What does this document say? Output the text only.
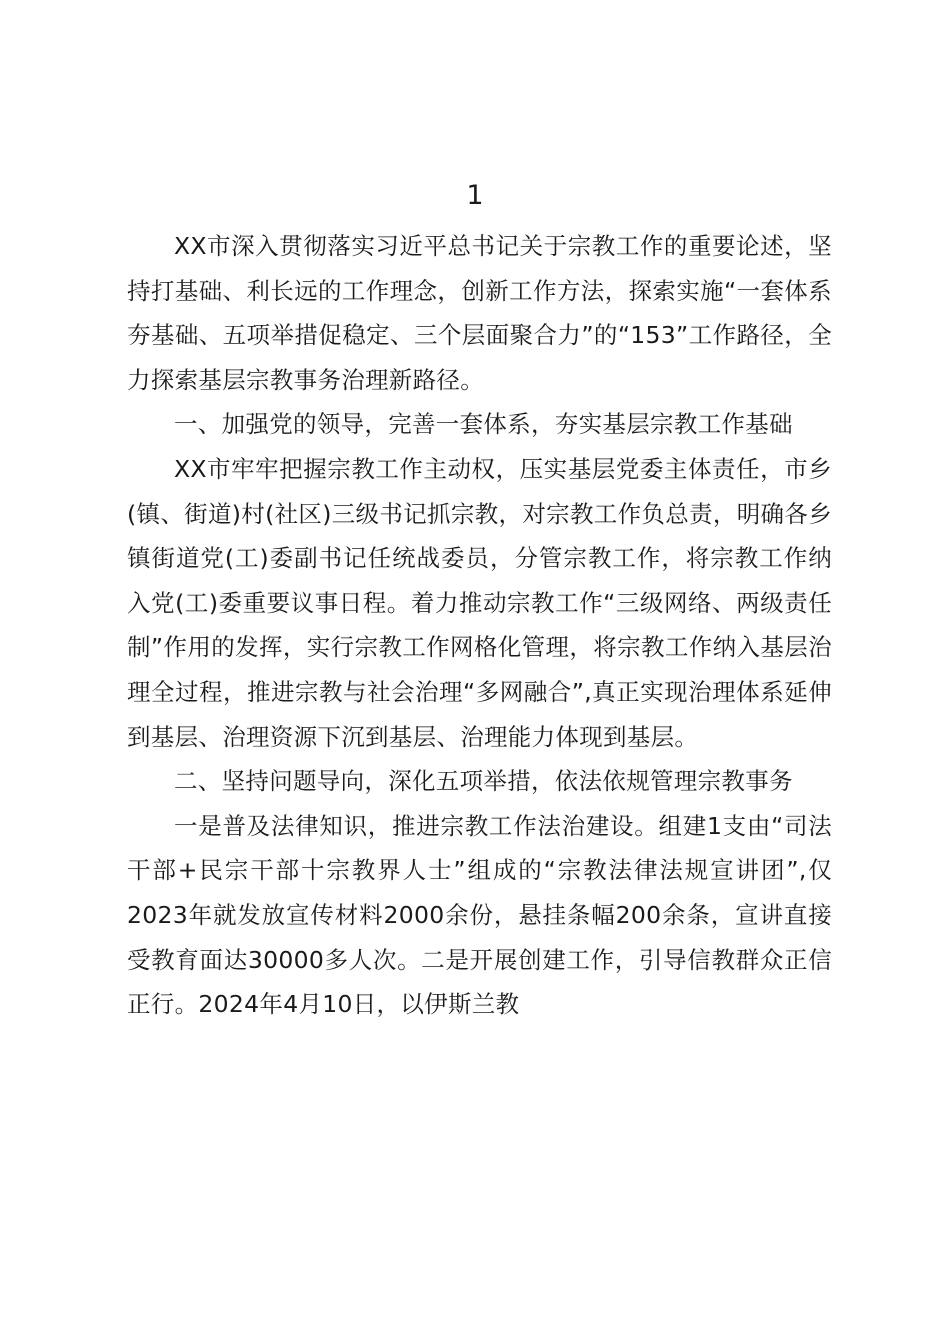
1

XX市深入贯彻落实习近平总书记关于宗教工作的重要论述，坚持打基础、利长远的工作理念，创新工作方法，探索实施“一套体系夯基础、五项举措促稳定、三个层面聚合力”的“153”工作路径，全力探索基层宗教事务治理新路径。

一、加强党的领导，完善一套体系，夯实基层宗教工作基础

XX市牢牢把握宗教工作主动权，压实基层党委主体责任，市乡(镇、街道)村(社区)三级书记抓宗教，对宗教工作负总责，明确各乡镇街道党(工)委副书记任统战委员，分管宗教工作，将宗教工作纳入党(工)委重要议事日程。着力推动宗教工作“三级网络、两级责任制”作用的发挥，实行宗教工作网格化管理，将宗教工作纳入基层治理全过程，推进宗教与社会治理“多网融合”,真正实现治理体系延伸到基层、治理资源下沉到基层、治理能力体现到基层。

二、坚持问题导向，深化五项举措，依法依规管理宗教事务

一是普及法律知识，推进宗教工作法治建设。组建1支由“司法干部+民宗干部十宗教界人士”组成的“宗教法律法规宣讲团”,仅2023年就发放宣传材料2000余份，悬挂条幅200余条，宣讲直接受教育面达30000多人次。二是开展创建工作，引导信教群众正信正行。2024年4月10日，以伊斯兰教
